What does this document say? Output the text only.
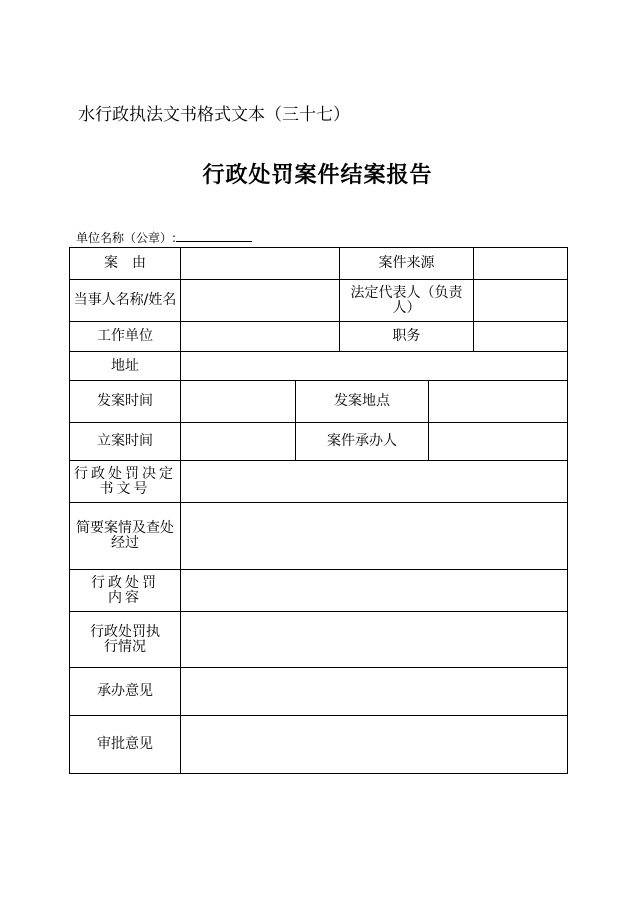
水行政执法文书格式文本（三十七）
行政处罚案件结案报告
单位名称（公章）:
案　由			案件来源		
当事人名称/姓名			法定代表人（负责人）		
工作单位			职务		
地址					
发案时间		发案地点			
立案时间		案件承办人			
行政处罚决定书文号					
简要案情及查处经过					
行政处罚内容					
行政处罚执行情况					
承办意见					
审批意见					
